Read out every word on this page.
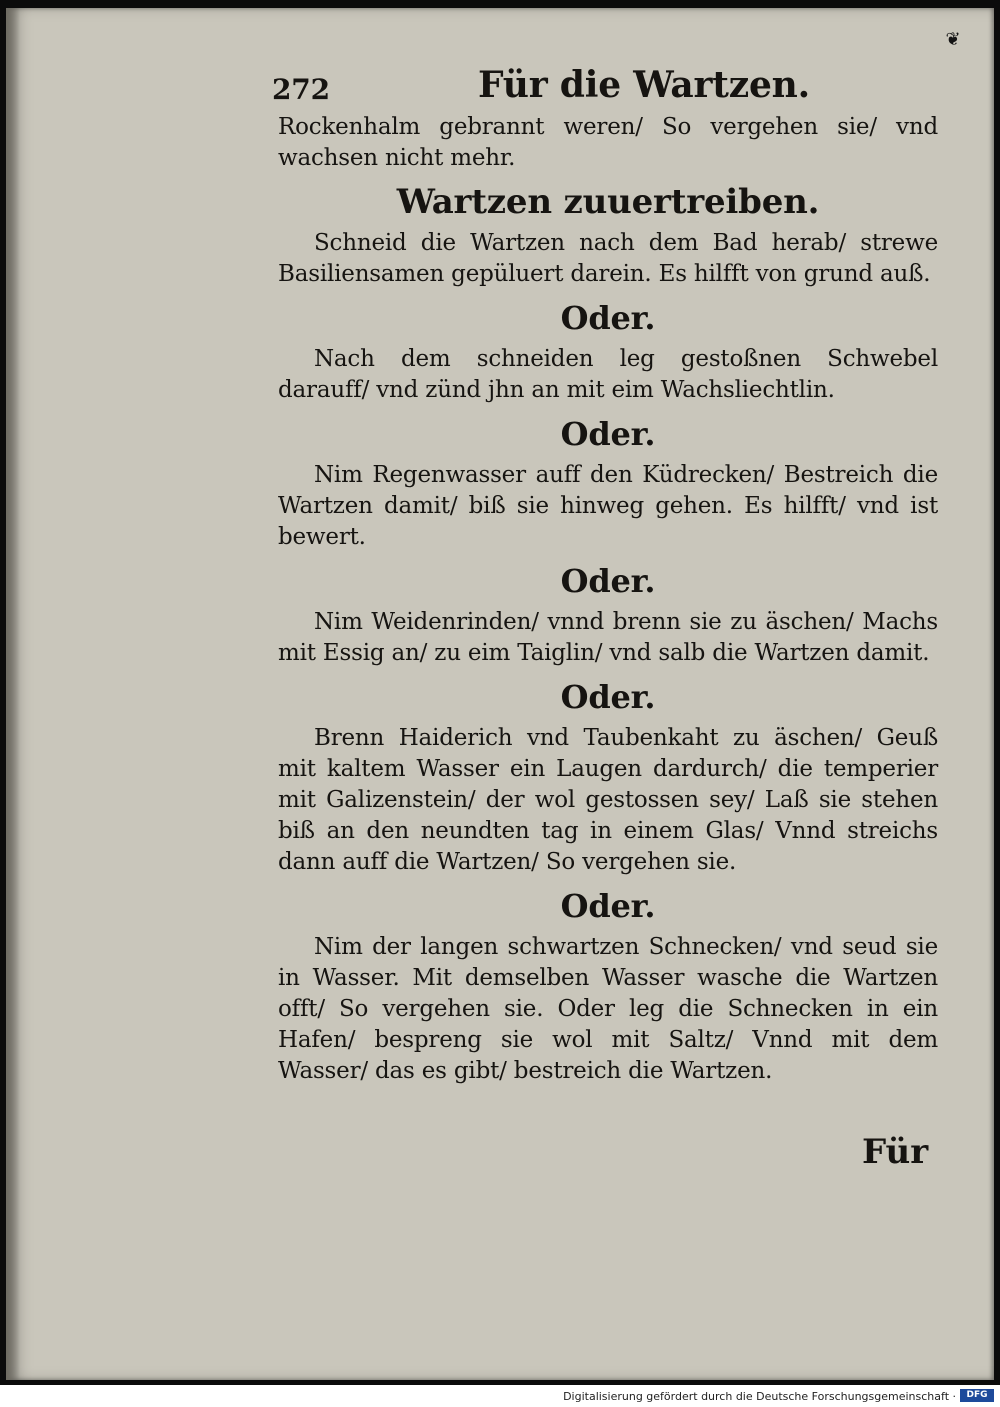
❦
272	Für die Wartzen.

Rockenhalm gebrannt weren/ So vergehen sie/ vnd wachsen nicht mehr.

Wartzen zuuertreiben.

Schneid die Wartzen nach dem Bad herab/ strewe Basiliensamen gepüluert darein. Es hilfft von grund auß.

Oder.

Nach dem schneiden leg gestoßnen Schwebel darauff/ vnd zünd jhn an mit eim Wachsliechtlin.

Oder.

Nim Regenwasser auff den Küdrecken/ Bestreich die Wartzen damit/ biß sie hinweg gehen. Es hilfft/ vnd ist bewert.

Oder.

Nim Weidenrinden/ vnnd brenn sie zu äschen/ Machs mit Essig an/ zu eim Taiglin/ vnd salb die Wartzen damit.

Oder.

Brenn Haiderich vnd Taubenkaht zu äschen/ Geuß mit kaltem Wasser ein Laugen dardurch/ die temperier mit Galizenstein/ der wol gestossen sey/ Laß sie stehen biß an den neundten tag in einem Glas/ Vnnd streichs dann auff die Wartzen/ So vergehen sie.

Oder.

Nim der langen schwartzen Schnecken/ vnd seud sie in Wasser. Mit demselben Wasser wasche die Wartzen offt/ So vergehen sie. Oder leg die Schnecken in ein Hafen/ bespreng sie wol mit Saltz/ Vnnd mit dem Wasser/ das es gibt/ bestreich die Wartzen.

Für
Digitalisierung gefördert durch die Deutsche Forschungsgemeinschaft ·	DFG
